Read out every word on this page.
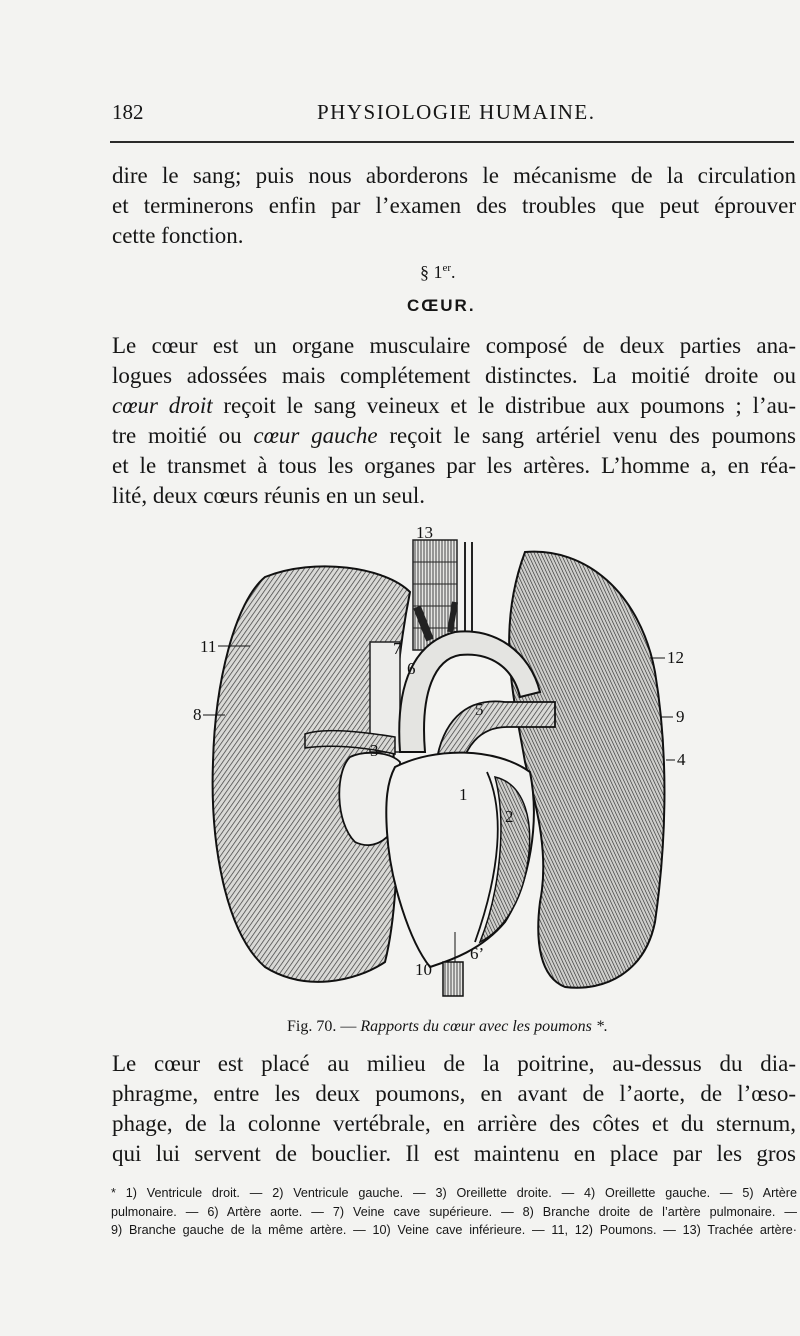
182	PHYSIOLOGIE HUMAINE.

dire le sang; puis nous aborderons le mécanisme de la circulation
et terminerons enfin par l’examen des troubles que peut éprouver
cette fonction.

§ 1er.
CŒUR.

Le cœur est un organe musculaire composé de deux parties ana-
logues adossées mais complétement distinctes. La moitié droite ou
cœur droit reçoit le sang veineux et le distribue aux poumons ; l’au-
tre moitié ou cœur gauche reçoit le sang artériel venu des poumons
et le transmet à tous les organes par les artères. L’homme a, en réa-
lité, deux cœurs réunis en un seul.

13
11	7
6
12
8	5	9
3	4
1
2
10
6’
Fig. 70. — Rapports du cœur avec les poumons *.

Le cœur est placé au milieu de la poitrine, au-dessus du dia-
phragme, entre les deux poumons, en avant de l’aorte, de l’œso-
phage, de la colonne vertébrale, en arrière des côtes et du sternum,
qui lui servent de bouclier. Il est maintenu en place par les gros

* 1) Ventricule droit. — 2) Ventricule gauche. — 3) Oreillette droite. — 4) Oreillette gauche. — 5) Artère
pulmonaire. — 6) Artère aorte. — 7) Veine cave supérieure. — 8) Branche droite de l’artère pulmonaire. —
9) Branche gauche de la même artère. — 10) Veine cave inférieure. — 11, 12) Poumons. — 13) Trachée artère·
